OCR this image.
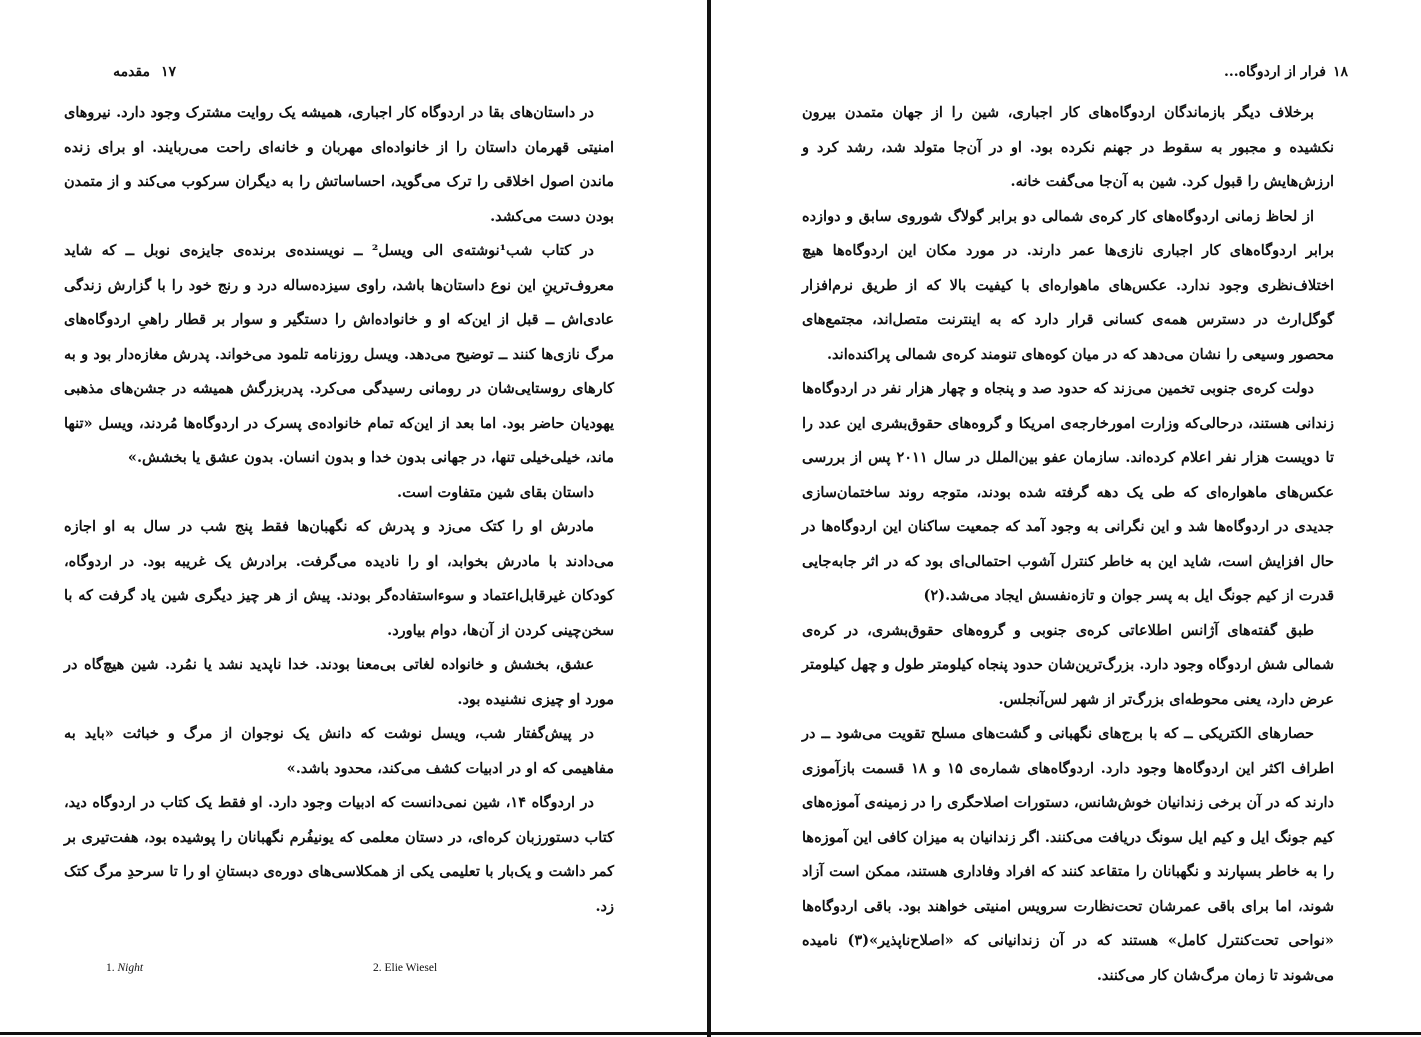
۱۷
مقدمه

در داستان‌های بقا در اردوگاه کار اجباری، همیشه یک روایت مشترک وجود دارد. نیروهای امنیتی قهرمان داستان را از خانواده‌ای مهربان و خانه‌ای راحت می‌ربایند. او برای زنده ماندن اصول اخلاقی را ترک می‌گوید، احساساتش را به دیگران سرکوب می‌کند و از متمدن بودن دست می‌کشد.

در کتاب شب¹نوشته‌ی الی ویسل² ــ نویسنده‌ی برنده‌ی جایزه‌ی نوبل ــ که شاید معروف‌ترینِ این نوع داستان‌ها باشد، راوی سیزده‌ساله درد و رنج خود را با گزارش زندگی عادی‌اش ــ قبل از این‌که او و خانواده‌اش را دستگیر و سوار بر قطار راهیِ اردوگاه‌های مرگ نازی‌ها کنند ــ توضیح می‌دهد. ویسل روزنامه تلمود می‌خواند. پدرش مغازه‌دار بود و به کارهای روستایی‌شان در رومانی رسیدگی می‌کرد. پدربزرگش همیشه در جشن‌های مذهبی یهودیان حاضر بود. اما بعد از این‌که تمام خانواده‌ی پسرک در اردوگاه‌ها مُردند، ویسل «تنها ماند، خیلی‌خیلی تنها، در جهانی بدون خدا و بدون انسان. بدون عشق یا بخشش.»

داستان بقای شین متفاوت است.

مادرش او را کتک می‌زد و پدرش که نگهبان‌ها فقط پنج شب در سال به او اجازه می‌دادند با مادرش بخوابد، او را نادیده می‌گرفت. برادرش یک غریبه بود. در اردوگاه، کودکان غیرقابل‌اعتماد و سوءاستفاده‌گر بودند. پیش از هر چیز دیگری شین یاد گرفت که با سخن‌چینی کردن از آن‌ها، دوام بیاورد.

عشق، بخشش و خانواده لغاتی بی‌معنا بودند. خدا ناپدید نشد یا نمُرد. شین هیچ‌گاه در مورد او چیزی نشنیده بود.

در پیش‌گفتار شب، ویسل نوشت که دانش یک نوجوان از مرگ و خباثت «باید به مفاهیمی که او در ادبیات کشف می‌کند، محدود باشد.»

در اردوگاه ۱۴، شین نمی‌دانست که ادبیات وجود دارد. او فقط یک کتاب در اردوگاه دید، کتاب دستورزبان کره‌ای، در دستان معلمی که یونیفُرم نگهبانان را پوشیده بود، هفت‌تیری بر کمر داشت و یک‌بار با تعلیمی یکی از همکلاسی‌های دوره‌ی دبستانِ او را تا سرحدِ مرگ کتک زد.

1. Night	2. Elie Wiesel
۱۸
فرار از اردوگاه...

برخلاف دیگر بازماندگان اردوگاه‌های کار اجباری، شین را از جهان متمدن بیرون نکشیده و مجبور به سقوط در جهنم نکرده بود. او در آن‌جا متولد شد، رشد کرد و ارزش‌هایش را قبول کرد. شین به آن‌جا می‌گفت خانه.

از لحاظ زمانی اردوگاه‌های کار کره‌ی شمالی دو برابر گولاگ شوروی سابق و دوازده برابر اردوگاه‌های کار اجباری نازی‌ها عمر دارند. در مورد مکان این اردوگاه‌ها هیچ اختلاف‌نظری وجود ندارد. عکس‌های ماهواره‌ای با کیفیت بالا که از طریق نرم‌افزار گوگل‌ارث در دسترس همه‌ی کسانی قرار دارد که به اینترنت متصل‌اند، مجتمع‌های محصور وسیعی را نشان می‌دهد که در میان کوه‌های تنومند کره‌ی شمالی پراکنده‌اند.

دولت کره‌ی جنوبی تخمین می‌زند که حدود صد و پنجاه و چهار هزار نفر در اردوگاه‌ها زندانی هستند، درحالی‌که وزارت امورخارجه‌ی امریکا و گروه‌های حقوق‌بشری این عدد را تا دویست هزار نفر اعلام کرده‌اند. سازمان عفو بین‌الملل در سال ۲۰۱۱ پس از بررسی عکس‌های ماهواره‌ای که طی یک دهه گرفته شده بودند، متوجه روند ساختمان‌سازی جدیدی در اردوگاه‌ها شد و این نگرانی به وجود آمد که جمعیت ساکنان این اردوگاه‌ها در حال افزایش است، شاید این به خاطر کنترل آشوب احتمالی‌ای بود که در اثر جابه‌جایی قدرت از کیم جونگ ایل به پسر جوان و تازه‌نفسش ایجاد می‌شد.(۲)

طبق گفته‌های آژانس اطلاعاتی کره‌ی جنوبی و گروه‌های حقوق‌بشری، در کره‌ی شمالی شش اردوگاه وجود دارد. بزرگ‌ترین‌شان حدود پنجاه کیلومتر طول و چهل کیلومتر عرض دارد، یعنی محوطه‌ای بزرگ‌تر از شهر لس‌آنجلس.

حصارهای الکتریکی ــ که با برج‌های نگهبانی و گشت‌های مسلح تقویت می‌شود ــ در اطراف اکثر این اردوگاه‌ها وجود دارد. اردوگاه‌های شماره‌ی ۱۵ و ۱۸ قسمت بازآموزی دارند که در آن برخی زندانیان خوش‌شانس، دستورات اصلاحگری را در زمینه‌ی آموزه‌های کیم جونگ ایل و کیم ایل سونگ دریافت می‌کنند. اگر زندانیان به میزان کافی این آموزه‌ها را به خاطر بسپارند و نگهبانان را متقاعد کنند که افراد وفاداری هستند، ممکن است آزاد شوند، اما برای باقی عمرشان تحت‌نظارت سرویس امنیتی خواهند بود. باقی اردوگاه‌ها «نواحی تحت‌کنترل کامل» هستند که در آن زندانیانی که «اصلاح‌ناپذیر»(۳) نامیده می‌شوند تا زمان مرگ‌شان کار می‌کنند.
